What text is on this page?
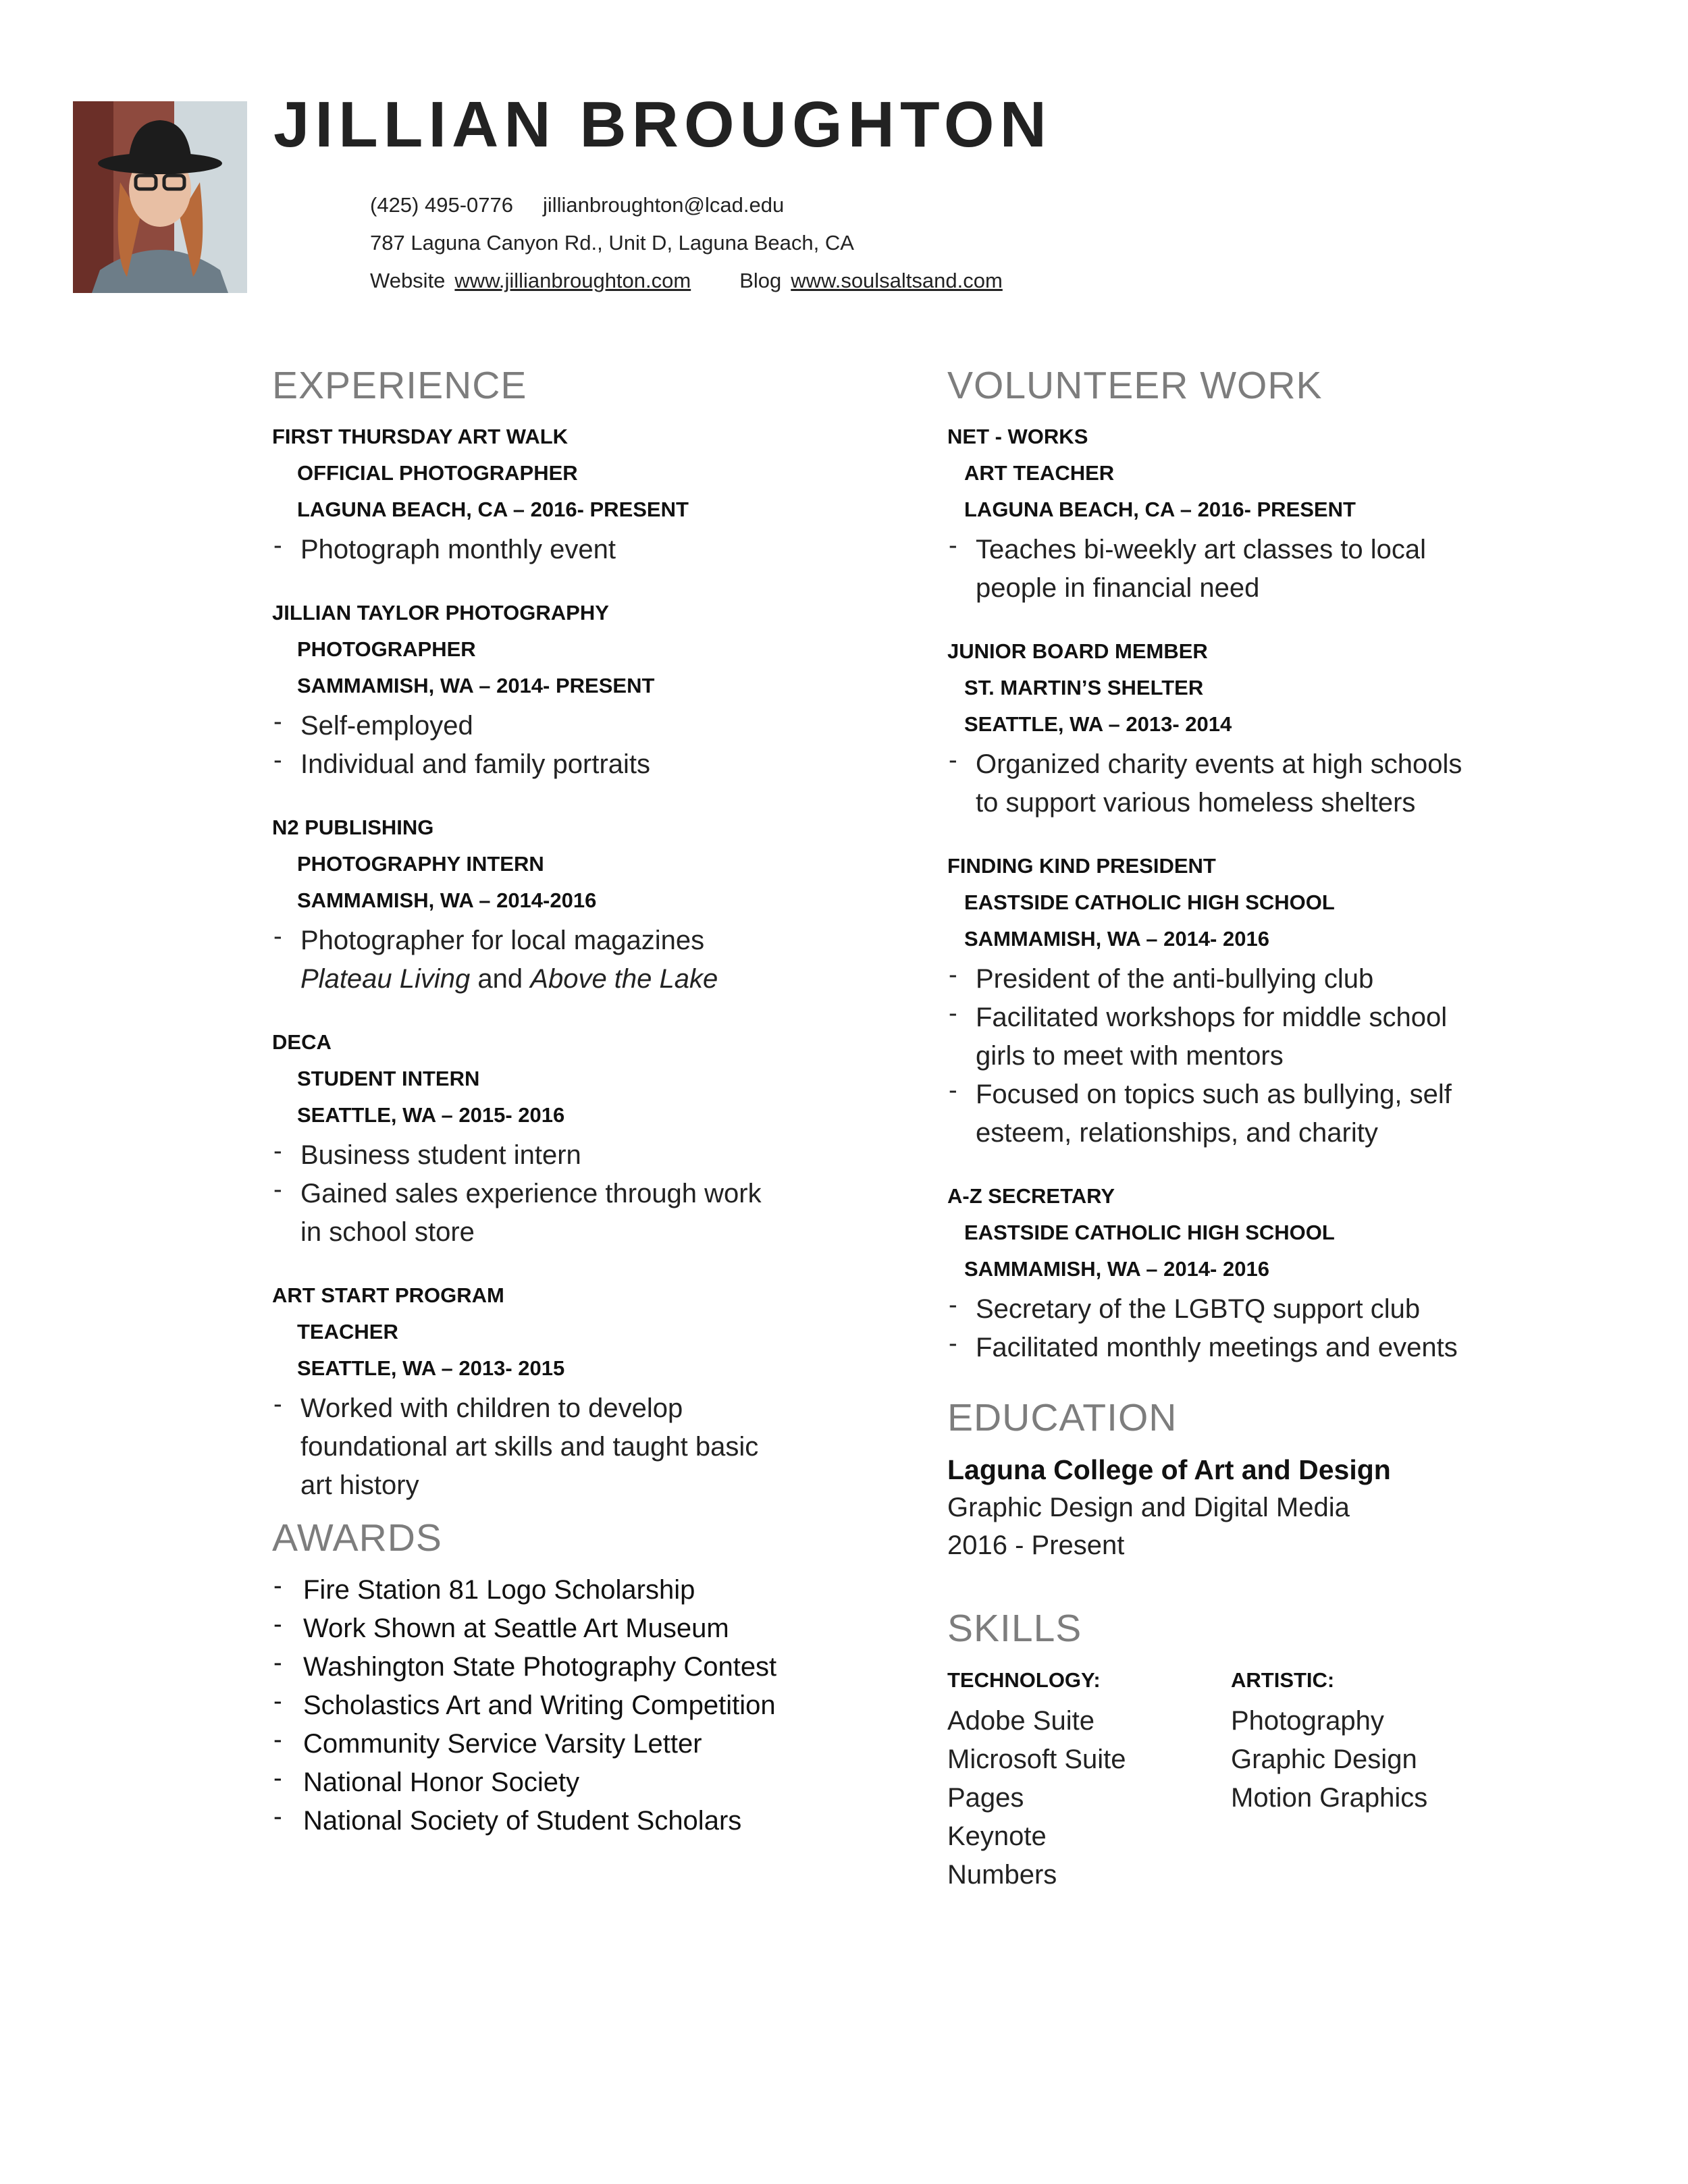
JILLIAN BROUGHTON
(425) 495-0776 jillianbroughton@lcad.edu
787 Laguna Canyon Rd., Unit D, Laguna Beach, CA
Website www.jillianbroughton.com Blog www.soulsaltsand.com
EXPERIENCE
FIRST THURSDAY ART WALK
OFFICIAL PHOTOGRAPHER
LAGUNA BEACH, CA – 2016- PRESENT
- Photograph monthly event
JILLIAN TAYLOR PHOTOGRAPHY
PHOTOGRAPHER
SAMMAMISH, WA – 2014- PRESENT
- Self-employed
- Individual and family portraits
N2 PUBLISHING
PHOTOGRAPHY INTERN
SAMMAMISH, WA – 2014-2016
- Photographer for local magazines
Plateau Living and Above the Lake
DECA
STUDENT INTERN
SEATTLE, WA – 2015- 2016
- Business student intern
- Gained sales experience through work
in school store
ART START PROGRAM
TEACHER
SEATTLE, WA – 2013- 2015
- Worked with children to develop
foundational art skills and taught basic
art history
AWARDS
- Fire Station 81 Logo Scholarship
- Work Shown at Seattle Art Museum
- Washington State Photography Contest
- Scholastics Art and Writing Competition
- Community Service Varsity Letter
- National Honor Society
- National Society of Student Scholars
VOLUNTEER WORK
NET - WORKS
ART TEACHER
LAGUNA BEACH, CA – 2016- PRESENT
- Teaches bi-weekly art classes to local
people in financial need
JUNIOR BOARD MEMBER
ST. MARTIN’S SHELTER
SEATTLE, WA – 2013- 2014
- Organized charity events at high schools
to support various homeless shelters
FINDING KIND PRESIDENT
EASTSIDE CATHOLIC HIGH SCHOOL
SAMMAMISH, WA – 2014- 2016
- President of the anti-bullying club
- Facilitated workshops for middle school
girls to meet with mentors
- Focused on topics such as bullying, self
esteem, relationships, and charity
A-Z SECRETARY
EASTSIDE CATHOLIC HIGH SCHOOL
SAMMAMISH, WA – 2014- 2016
- Secretary of the LGBTQ support club
- Facilitated monthly meetings and events
EDUCATION
Laguna College of Art and Design
Graphic Design and Digital Media
2016 - Present
SKILLS
TECHNOLOGY:
Adobe Suite
Microsoft Suite
Pages
Keynote
Numbers
ARTISTIC:
Photography
Graphic Design
Motion Graphics
